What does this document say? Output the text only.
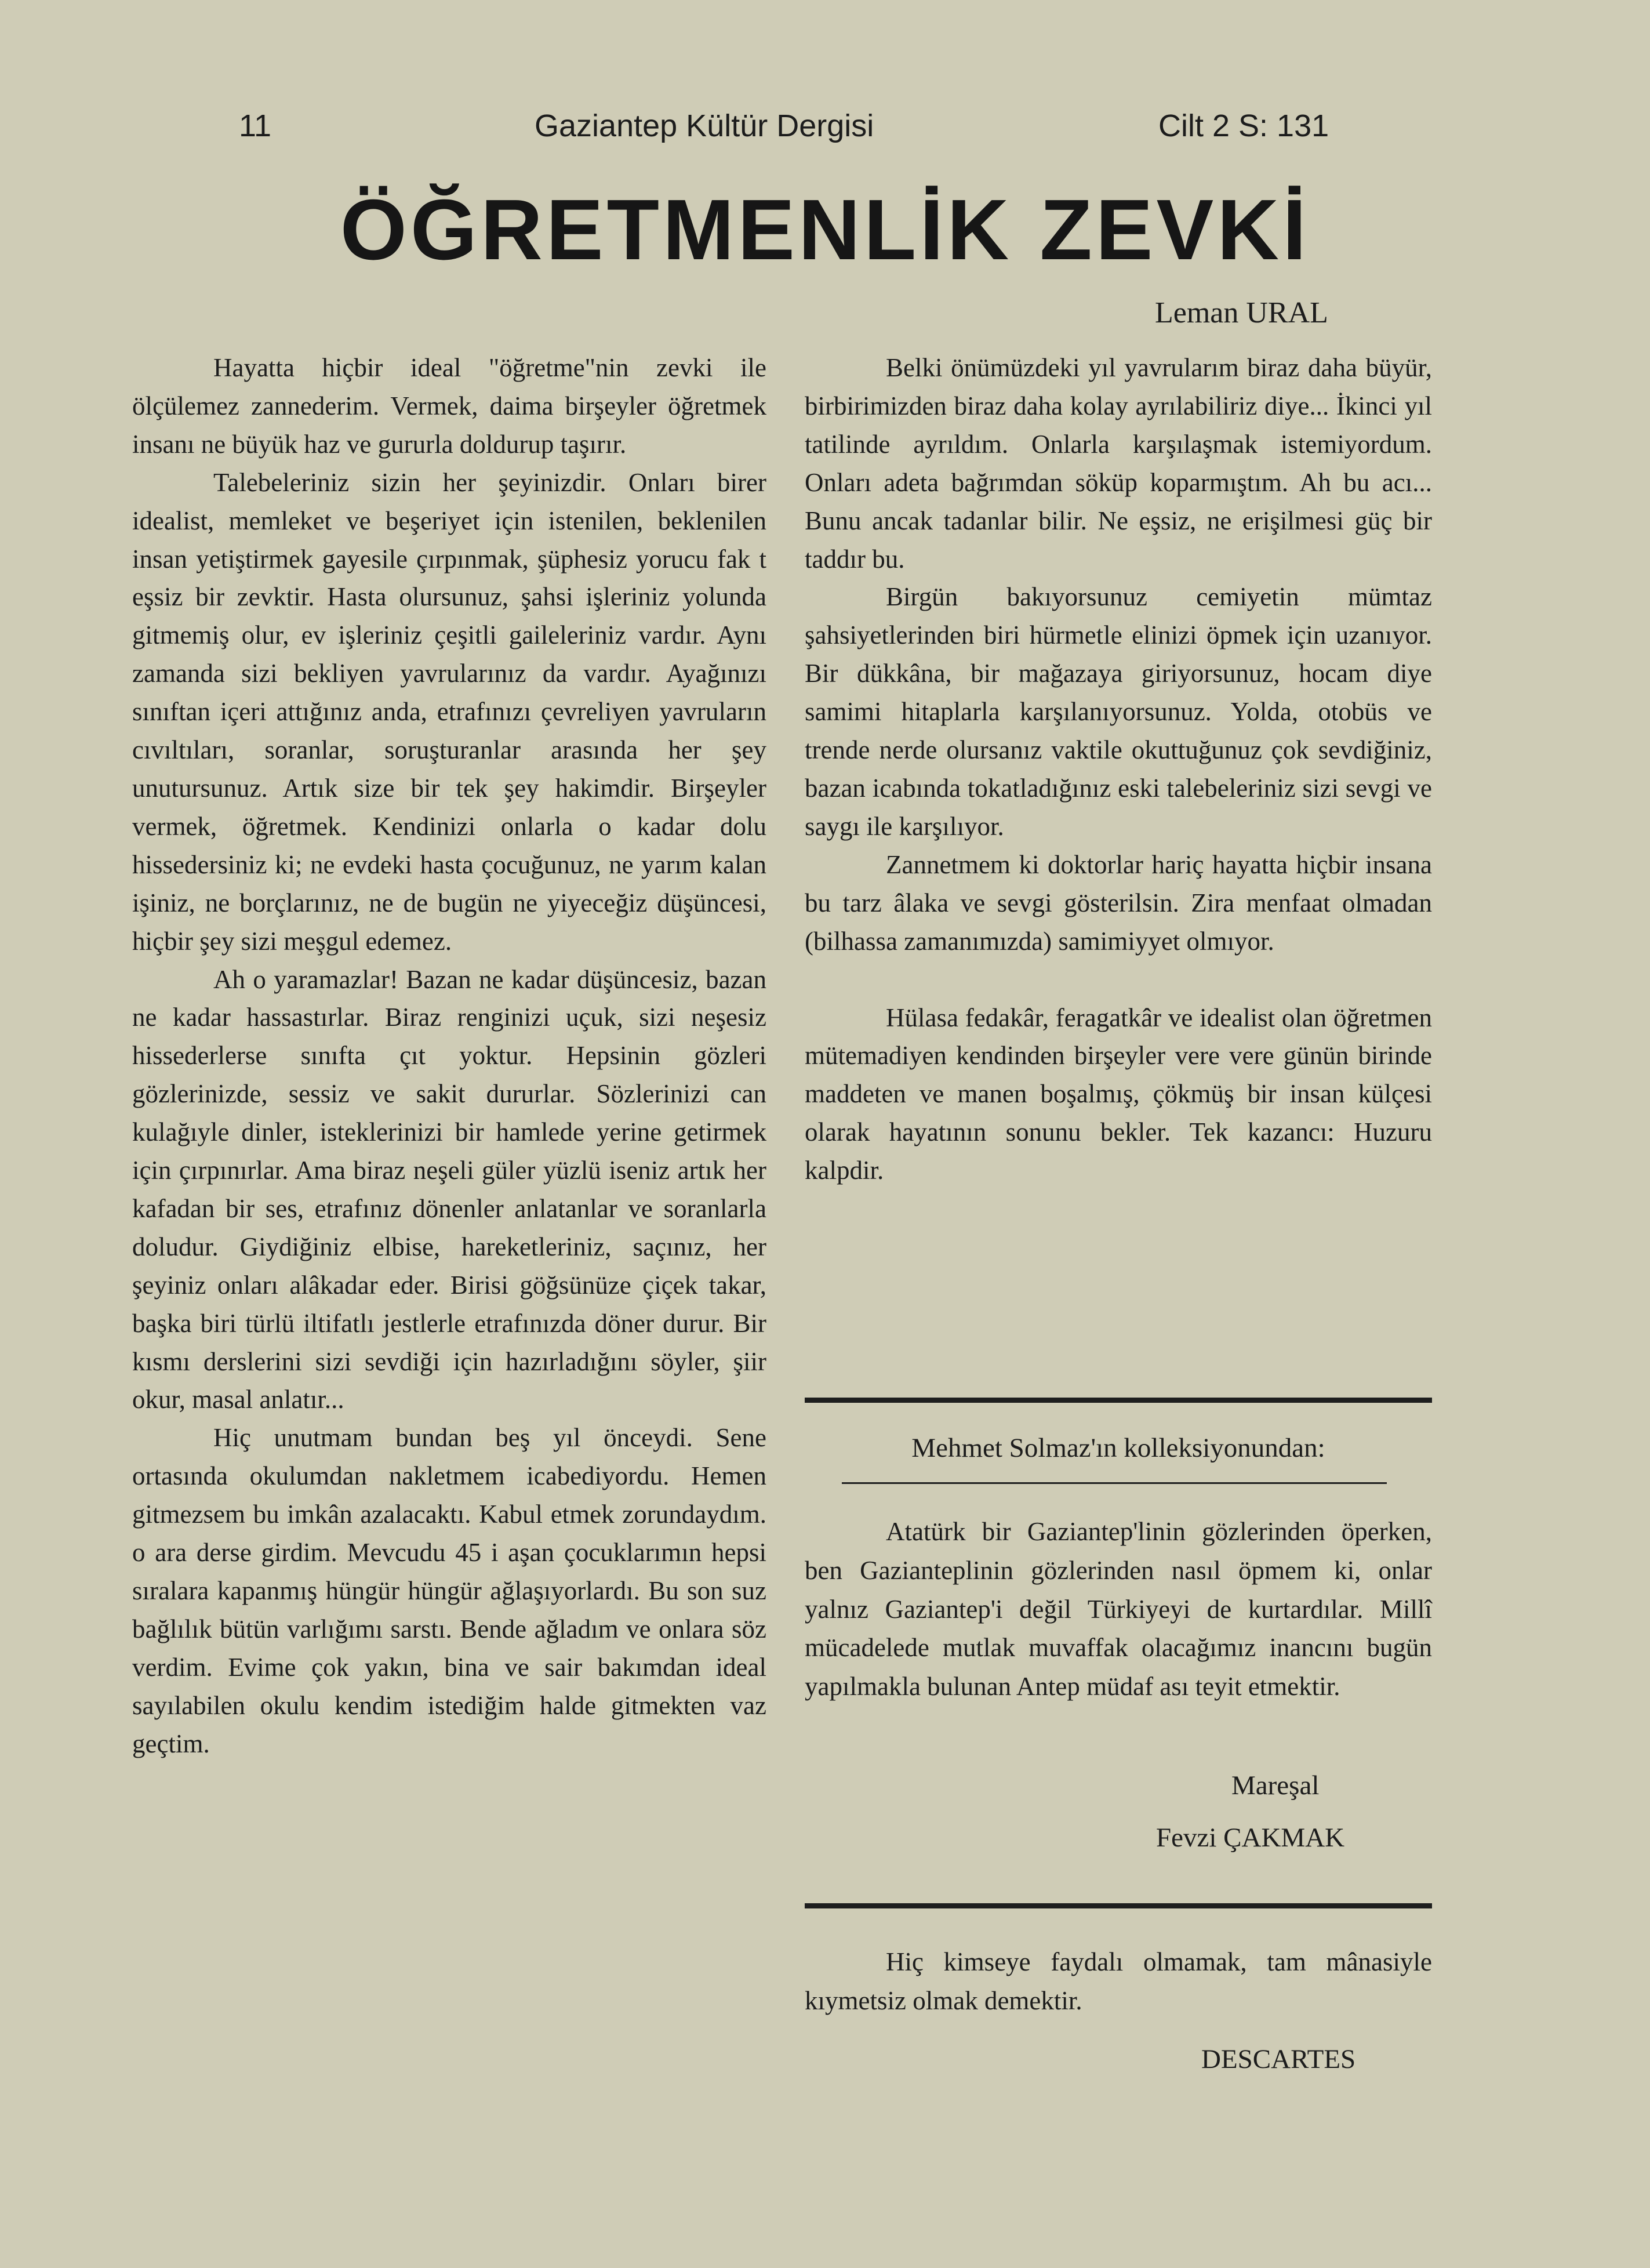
11	Gaziantep Kültür Dergisi	Cilt 2 S: 131
ÖĞRETMENLİK ZEVKİ
Leman URAL

Hayatta hiçbir ideal "öğretme"nin zevki ile ölçülemez zannederim. Vermek, daima birşeyler öğretmek insanı ne büyük haz ve gururla doldurup taşırır.

Talebeleriniz sizin her şeyinizdir. Onları birer idealist, memleket ve beşeriyet için istenilen, beklenilen insan yetiştirmek gayesile çırpınmak, şüphesiz yorucu fak t eşsiz bir zevktir. Hasta olursunuz, şahsi işleriniz yolunda gitmemiş olur, ev işleriniz çeşitli gaileleriniz vardır. Aynı zamanda sizi bekliyen yavrularınız da vardır. Ayağınızı sınıftan içeri attığınız anda, etrafınızı çevreliyen yavruların cıvıltıları, soranlar, soruşturanlar arasında her şey unutursunuz. Artık size bir tek şey hakimdir. Birşeyler vermek, öğretmek. Kendinizi onlarla o kadar dolu hissedersiniz ki; ne evdeki hasta çocuğunuz, ne yarım kalan işiniz, ne borçlarınız, ne de bugün ne yiyeceğiz düşüncesi, hiçbir şey sizi meşgul edemez.

Ah o yaramazlar! Bazan ne kadar düşüncesiz, bazan ne kadar hassastırlar. Biraz renginizi uçuk, sizi neşesiz hissederlerse sınıfta çıt yoktur. Hepsinin gözleri gözlerinizde, sessiz ve sakit dururlar. Sözlerinizi can kulağıyle dinler, isteklerinizi bir hamlede yerine getirmek için çırpınırlar. Ama biraz neşeli güler yüzlü iseniz artık her kafadan bir ses, etrafınız dönenler anlatanlar ve soranlarla doludur. Giydiğiniz elbise, hareketleriniz, saçınız, her şeyiniz onları alâkadar eder. Birisi göğsünüze çiçek takar, başka biri türlü iltifatlı jestlerle etrafınızda döner durur. Bir kısmı derslerini sizi sevdiği için hazırladığını söyler, şiir okur, masal anlatır...

Hiç unutmam bundan beş yıl önceydi. Sene ortasında okulumdan nakletmem icabediyordu. Hemen gitmezsem bu imkân azalacaktı. Kabul etmek zorundaydım. o ara derse girdim. Mevcudu 45 i aşan çocuklarımın hepsi sıralara kapanmış hüngür hüngür ağlaşıyorlardı. Bu son suz bağlılık bütün varlığımı sarstı. Bende ağladım ve onlara söz verdim. Evime çok yakın, bina ve sair bakımdan ideal sayılabilen okulu kendim istediğim halde gitmekten vaz geçtim.

Belki önümüzdeki yıl yavrularım biraz daha büyür, birbirimizden biraz daha kolay ayrılabiliriz diye... İkinci yıl tatilinde ayrıldım. Onlarla karşılaşmak istemiyordum. Onları adeta bağrımdan söküp koparmıştım. Ah bu acı... Bunu ancak tadanlar bilir. Ne eşsiz, ne erişilmesi güç bir taddır bu.

Birgün bakıyorsunuz cemiyetin mümtaz şahsiyetlerinden biri hürmetle elinizi öpmek için uzanıyor. Bir dükkâna, bir mağazaya giriyorsunuz, hocam diye samimi hitaplarla karşılanıyorsunuz. Yolda, otobüs ve trende nerde olursanız vaktile okuttuğunuz çok sevdiğiniz, bazan icabında tokatladığınız eski talebeleriniz sizi sevgi ve saygı ile karşılıyor.

Zannetmem ki doktorlar hariç hayatta hiçbir insana bu tarz âlaka ve sevgi gösterilsin. Zira menfaat olmadan (bilhassa zamanımızda) samimiyyet olmıyor.

Hülasa fedakâr, feragatkâr ve idealist olan öğretmen mütemadiyen kendinden birşeyler vere vere günün birinde maddeten ve manen boşalmış, çökmüş bir insan külçesi olarak hayatının sonunu bekler. Tek kazancı: Huzuru kalpdir.

Mehmet Solmaz'ın kolleksiyonundan:

Atatürk bir Gaziantep'linin gözlerinden öperken, ben Gazianteplinin gözlerinden nasıl öpmem ki, onlar yalnız Gaziantep'i değil Türkiyeyi de kurtardılar. Millî mücadelede mutlak muvaffak olacağımız inancını bugün yapılmakla bulunan Antep müdaf ası teyit etmektir.

Mareşal
Fevzi ÇAKMAK

Hiç kimseye faydalı olmamak, tam mânasiyle kıymetsiz olmak demektir.

DESCARTES
